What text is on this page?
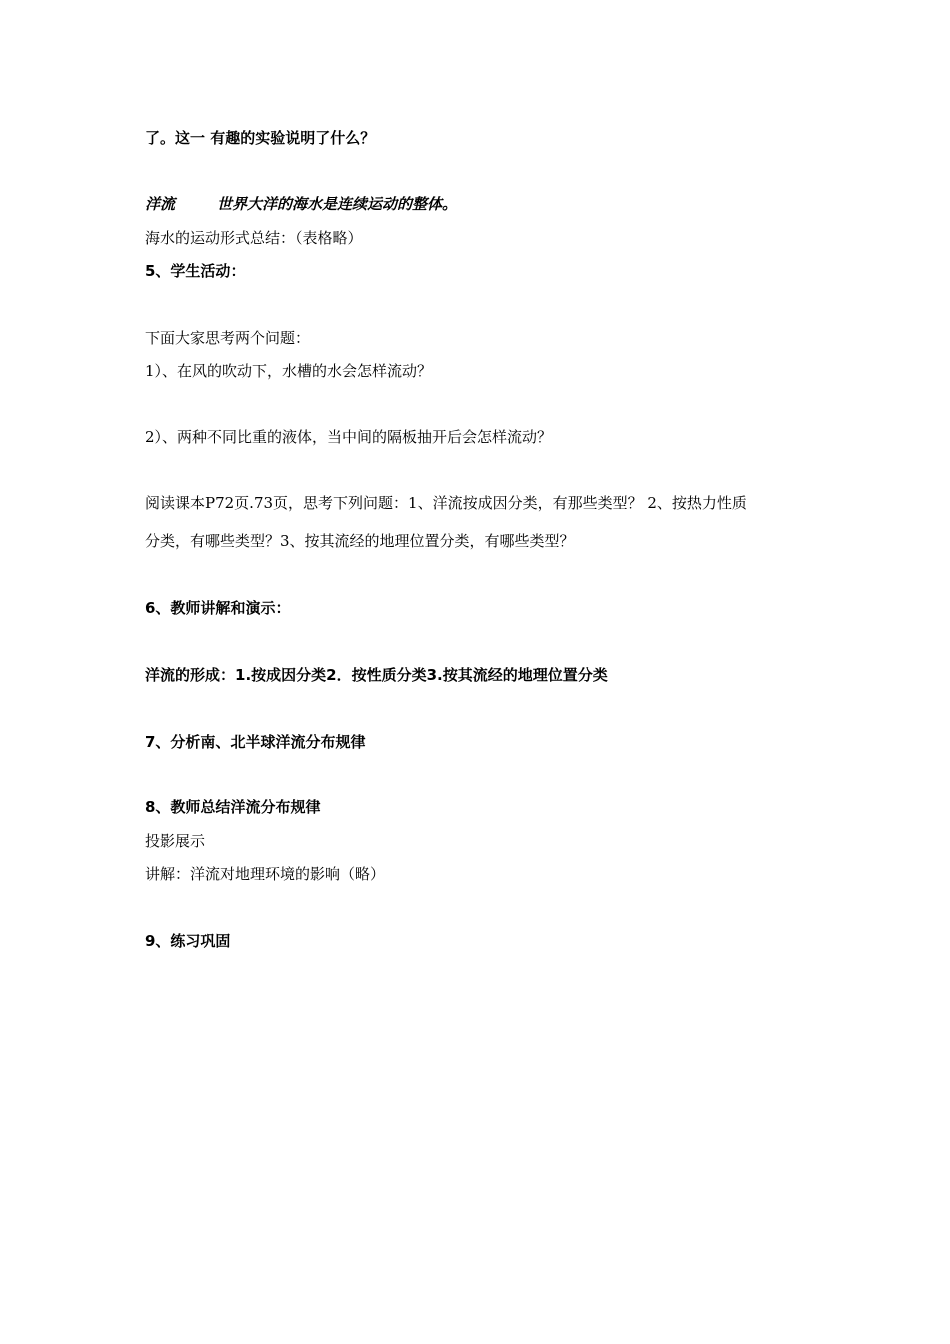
了。这一 有趣的实验说明了什么？
洋流	世界大洋的海水是连续运动的整体。
海水的运动形式总结：（表格略）
5、学生活动：
下面大家思考两个问题：
1）、在风的吹动下，水槽的水会怎样流动？
2）、两种不同比重的液体，当中间的隔板抽开后会怎样流动？
阅读课本P72页.73页，思考下列问题：1、洋流按成因分类，有那些类型？ 2、按热力性质
分类，有哪些类型？3、按其流经的地理位置分类，有哪些类型？
6、教师讲解和演示：
洋流的形成：1.按成因分类2．按性质分类3.按其流经的地理位置分类
7、分析南、北半球洋流分布规律
8、教师总结洋流分布规律
投影展示
讲解：洋流对地理环境的影响（略）
9、练习巩固
